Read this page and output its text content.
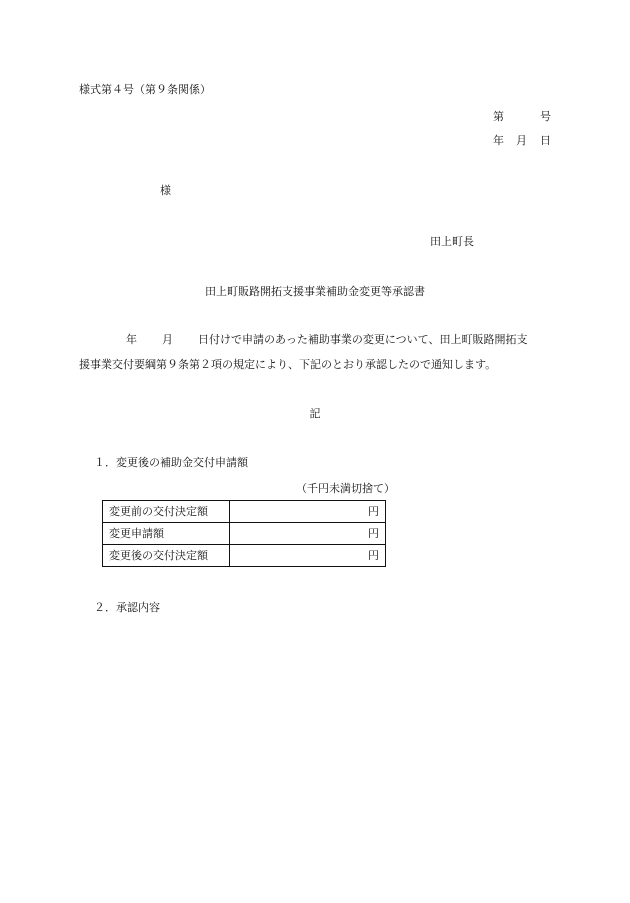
様式第４号（第９条関係）
第	号
年 月 日
様
田上町長
田上町販路開拓支援事業補助金変更等承認書
年 月 日付けで申請のあった補助事業の変更について、田上町販路開拓支
援事業交付要綱第９条第２項の規定により、下記のとおり承認したので通知します。
記
１．変更後の補助金交付申請額
（千円未満切捨て）
変更前の交付決定額	円
変更申請額	円
変更後の交付決定額	円
２．承認内容
